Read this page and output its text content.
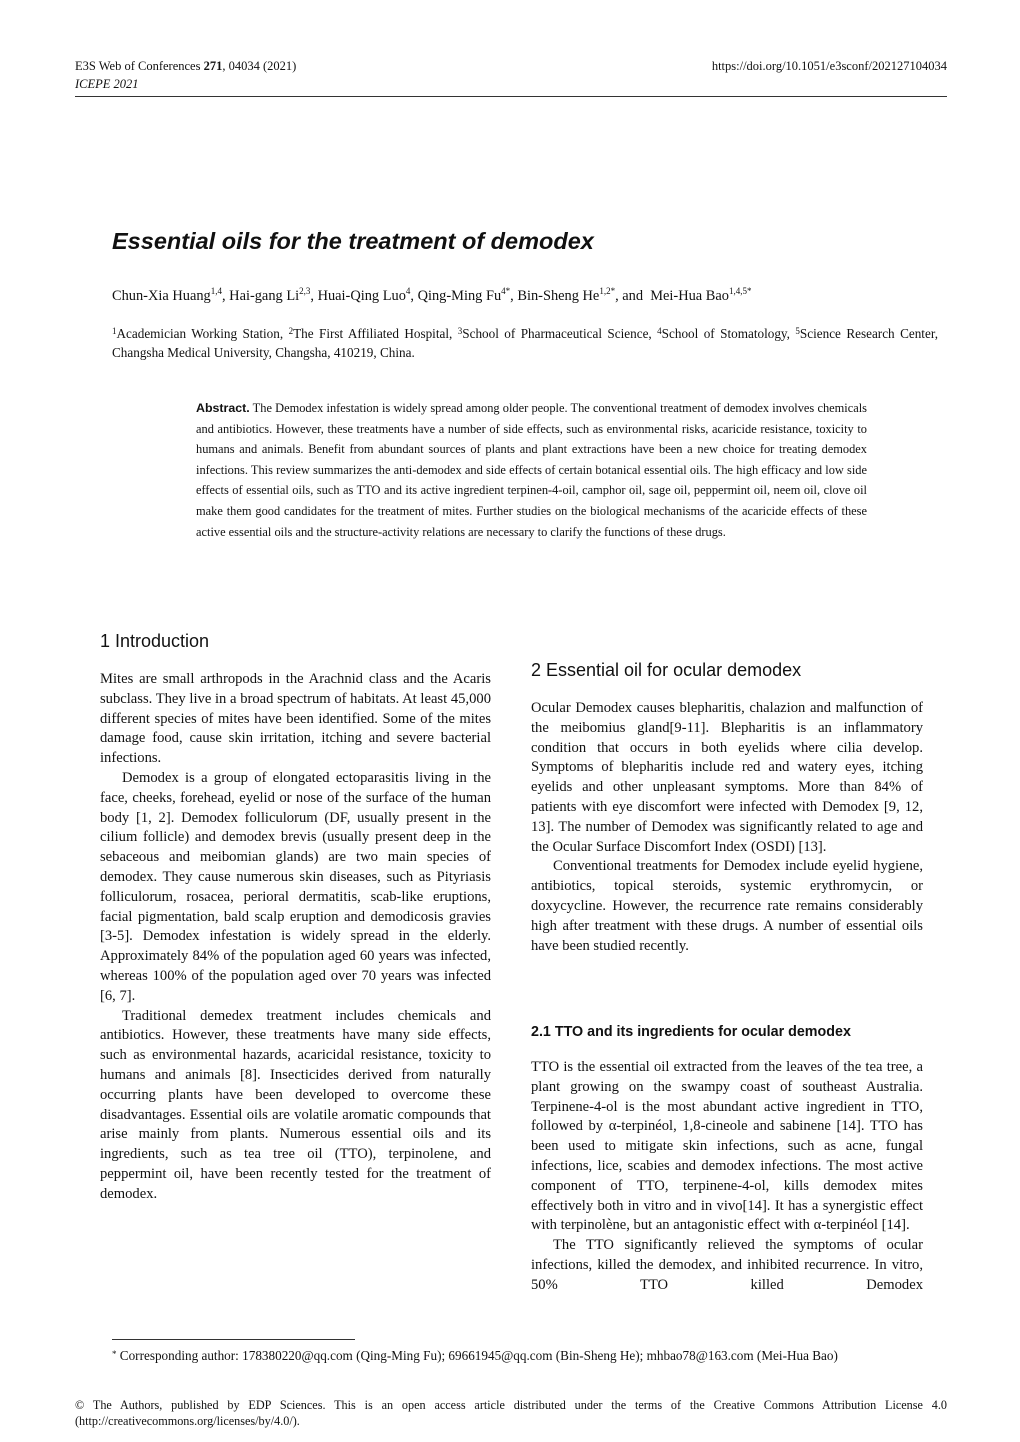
E3S Web of Conferences 271, 04034 (2021)
ICEPE 2021
https://doi.org/10.1051/e3sconf/202127104034
Essential oils for the treatment of demodex
Chun-Xia Huang$^{1,4}$, Hai-gang Li$^{2,3}$, Huai-Qing Luo$^4$, Qing-Ming $Fu^{4*}$, Bin-Sheng $He^{1,2*}$, and  Mei-Hua Bao$^{1,4,5*}$
$^1$Academician Working Station, $^2$The First Affiliated Hospital, $^3$School of Pharmaceutical Science, $^4$School of Stomatology, $^5$Science Research Center, Changsha Medical University, Changsha, 410219, China.
Abstract. The Demodex infestation is widely spread among older people. The conventional treatment of demodex involves chemicals and antibiotics. However, these treatments have a number of side effects, such as environmental risks, acaricide resistance, toxicity to humans and animals. Benefit from abundant sources of plants and plant extractions have been a new choice for treating demodex infections. This review summarizes the anti-demodex and side effects of certain botanical essential oils. The high efficacy and low side effects of essential oils, such as TTO and its active ingredient terpinen-4-oil, camphor oil, sage oil, peppermint oil, neem oil, clove oil make them good candidates for the treatment of mites. Further studies on the biological mechanisms of the acaricide effects of these active essential oils and the structure-activity relations are necessary to clarify the functions of these drugs.
1 Introduction

Mites are small arthropods in the Arachnid class and the Acaris subclass. They live in a broad spectrum of habitats. At least 45,000 different species of mites have been identified. Some of the mites damage food, cause skin irritation, itching and severe bacterial infections.

Demodex is a group of elongated ectoparasitis living in the face, cheeks, forehead, eyelid or nose of the surface of the human body [1, 2]. Demodex folliculorum (DF, usually present in the cilium follicle) and demodex brevis (usually present deep in the sebaceous and meibomian glands) are two main species of demodex. They cause numerous skin diseases, such as Pityriasis folliculorum, rosacea, perioral dermatitis, scab-like eruptions, facial pigmentation, bald scalp eruption and demodicosis gravies [3-5]. Demodex infestation is widely spread in the elderly. Approximately 84% of the population aged 60 years was infected, whereas 100% of the population aged over 70 years was infected [6, 7].

Traditional demedex treatment includes chemicals and antibiotics. However, these treatments have many side effects, such as environmental hazards, acaricidal resistance, toxicity to humans and animals [8]. Insecticides derived from naturally occurring plants have been developed to overcome these disadvantages. Essential oils are volatile aromatic compounds that arise mainly from plants. Numerous essential oils and its ingredients, such as tea tree oil (TTO), terpinolene, and peppermint oil, have been recently tested for the treatment of demodex.

2 Essential oil for ocular demodex

Ocular Demodex causes blepharitis, chalazion and malfunction of the meibomius gland[9-11]. Blepharitis is an inflammatory condition that occurs in both eyelids where cilia develop. Symptoms of blepharitis include red and watery eyes, itching eyelids and other unpleasant symptoms. More than 84% of patients with eye discomfort were infected with Demodex [9, 12, 13]. The number of Demodex was significantly related to age and the Ocular Surface Discomfort Index (OSDI) [13].

Conventional treatments for Demodex include eyelid hygiene, antibiotics, topical steroids, systemic erythromycin, or doxycycline. However, the recurrence rate remains considerably high after treatment with these drugs. A number of essential oils have been studied recently.

2.1 TTO and its ingredients for ocular demodex

TTO is the essential oil extracted from the leaves of the tea tree, a plant growing on the swampy coast of southeast Australia. Terpinene-4-ol is the most abundant active ingredient in TTO, followed by α-terpinéol, 1,8-cineole and sabinene [14]. TTO has been used to mitigate skin infections, such as acne, fungal infections, lice, scabies and demodex infections. The most active component of TTO, terpinene-4-ol, kills demodex mites effectively both in vitro and in vivo[14]. It has a synergistic effect with terpinolène, but an antagonistic effect with α-terpinéol [14].

The TTO significantly relieved the symptoms of ocular infections, killed the demodex, and inhibited recurrence. In vitro, 50% TTO killed Demodex

* Corresponding author: 178380220@qq.com (Qing-Ming Fu); 69661945@qq.com (Bin-Sheng He); mhbao78@163.com (Mei-Hua Bao)
© The Authors, published by EDP Sciences. This is an open access article distributed under the terms of the Creative Commons Attribution License 4.0 (http://creativecommons.org/licenses/by/4.0/).
